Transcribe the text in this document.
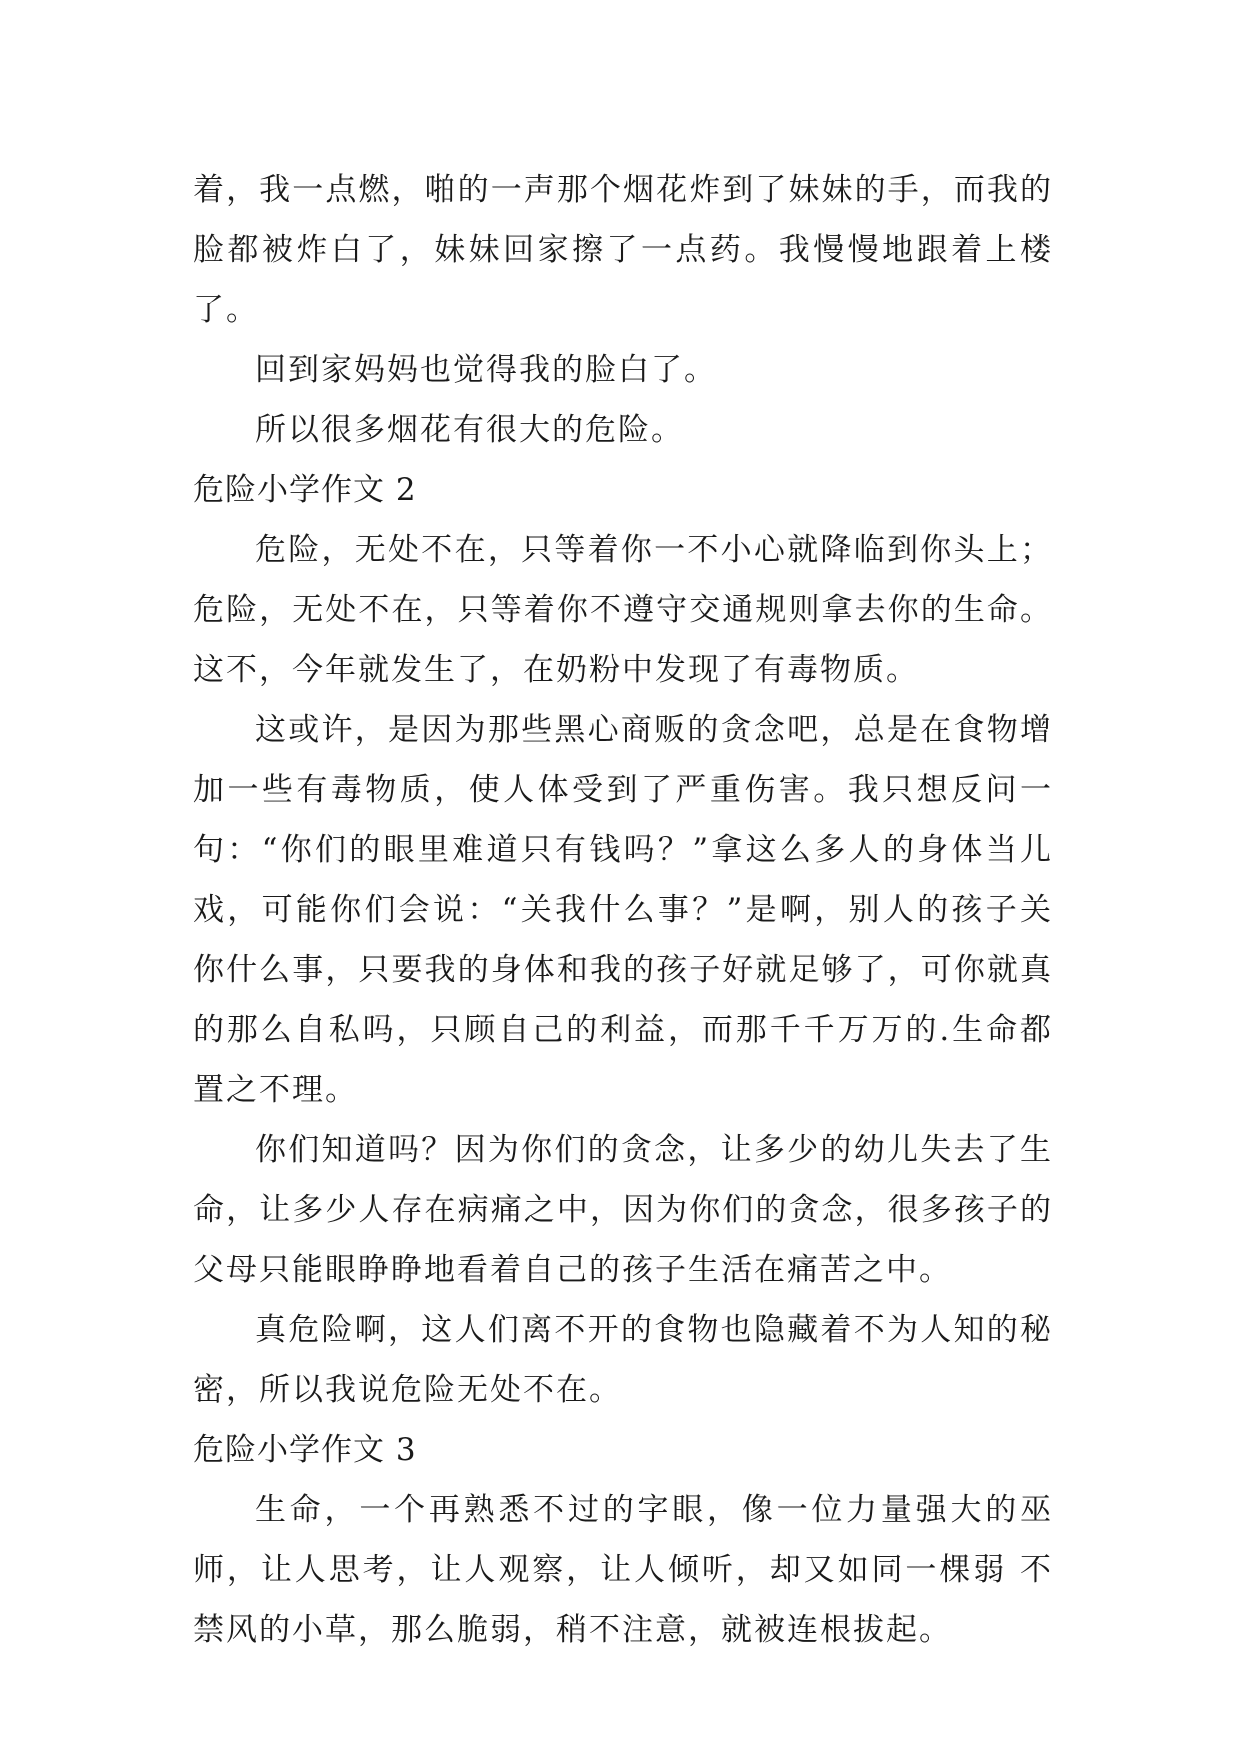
着，我一点燃，啪的一声那个烟花炸到了妹妹的手，而我的脸都被炸白了，妹妹回家擦了一点药。我慢慢地跟着上楼了。

回到家妈妈也觉得我的脸白了。

所以很多烟花有很大的危险。

危险小学作文 2

危险，无处不在，只等着你一不小心就降临到你头上；危险，无处不在，只等着你不遵守交通规则拿去你的生命。这不，今年就发生了，在奶粉中发现了有毒物质。

这或许，是因为那些黑心商贩的贪念吧，总是在食物增加一些有毒物质，使人体受到了严重伤害。我只想反问一句：“你们的眼里难道只有钱吗？”拿这么多人的身体当儿戏，可能你们会说：“关我什么事？”是啊，别人的孩子关你什么事，只要我的身体和我的孩子好就足够了，可你就真的那么自私吗，只顾自己的利益，而那千千万万的.生命都置之不理。

你们知道吗？因为你们的贪念，让多少的幼儿失去了生命，让多少人存在病痛之中，因为你们的贪念，很多孩子的父母只能眼睁睁地看着自己的孩子生活在痛苦之中。

真危险啊，这人们离不开的食物也隐藏着不为人知的秘密，所以我说危险无处不在。

危险小学作文 3

生命，一个再熟悉不过的字眼，像一位力量强大的巫师，让人思考，让人观察，让人倾听，却又如同一棵弱 不禁风的小草，那么脆弱，稍不注意，就被连根拔起。
